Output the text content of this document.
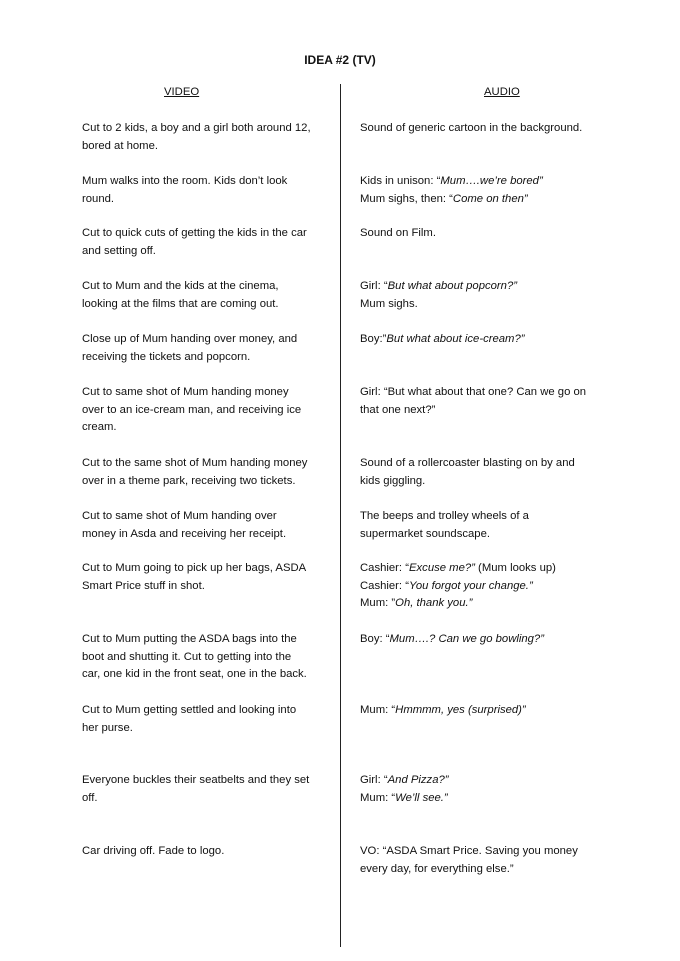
IDEA #2 (TV)
VIDEO	AUDIO
Cut to 2 kids, a boy and a girl both around 12,
bored at home.
Sound of generic cartoon in the background.
Mum walks into the room. Kids don’t look
round.
Kids in unison: “Mum….we’re bored”
Mum sighs, then: “Come on then”
Cut to quick cuts of getting the kids in the car
and setting off.
Sound on Film.
Cut to Mum and the kids at the cinema,
looking at the films that are coming out.
Girl: “But what about popcorn?”
Mum sighs.
Close up of Mum handing over money, and
receiving the tickets and popcorn.
Boy:”But what about ice-cream?”
Cut to same shot of Mum handing money
over to an ice-cream man, and receiving ice
cream.
Girl: “But what about that one? Can we go on
that one next?”
Cut to the same shot of Mum handing money
over in a theme park, receiving two tickets.
Sound of a rollercoaster blasting on by and
kids giggling.
Cut to same shot of Mum handing over
money in Asda and receiving her receipt.
The beeps and trolley wheels of a
supermarket soundscape.
Cut to Mum going to pick up her bags, ASDA
Smart Price stuff in shot.
Cashier: “Excuse me?” (Mum looks up)
Cashier: “You forgot your change.”
Mum: ”Oh, thank you.”
Cut to Mum putting the ASDA bags into the
boot and shutting it. Cut to getting into the
car, one kid in the front seat, one in the back.
Boy: “Mum….? Can we go bowling?”
Cut to Mum getting settled and looking into
her purse.
Mum: “Hmmmm, yes (surprised)”
Everyone buckles their seatbelts and they set
off.
Girl: “And Pizza?”
Mum: “We’ll see.”
Car driving off. Fade to logo.	VO: “ASDA Smart Price. Saving you money
every day, for everything else.”
